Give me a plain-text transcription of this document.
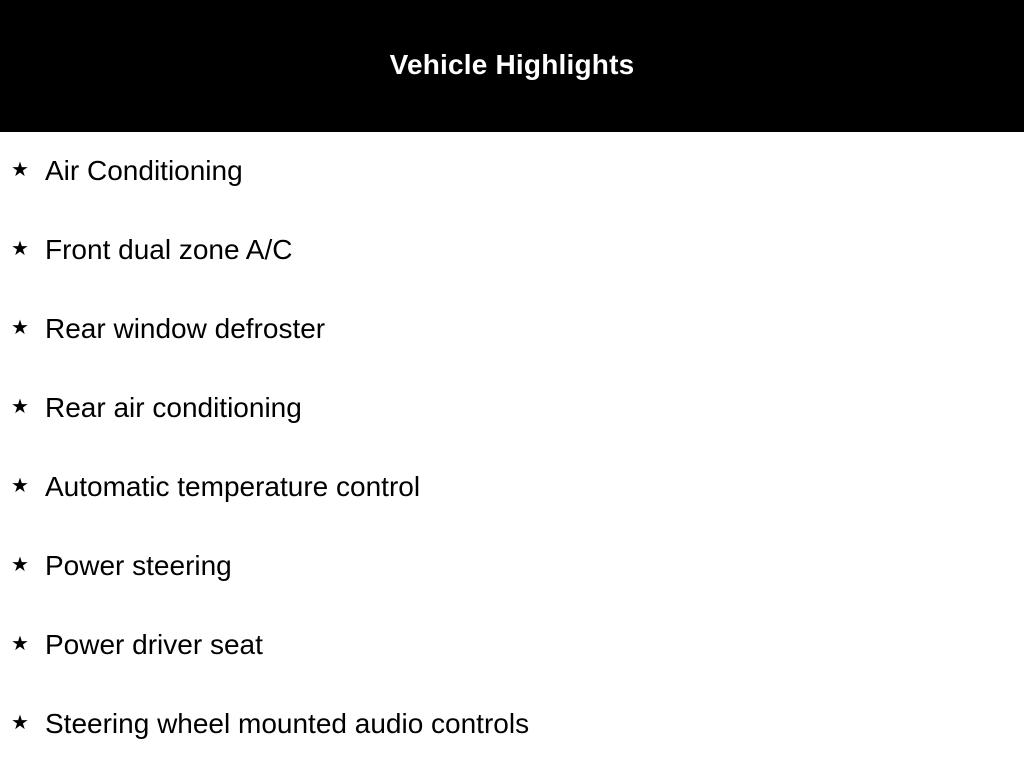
Vehicle Highlights
★ Air Conditioning
★ Front dual zone A/C
★ Rear window defroster
★ Rear air conditioning
★ Automatic temperature control
★ Power steering
★ Power driver seat
★ Steering wheel mounted audio controls
